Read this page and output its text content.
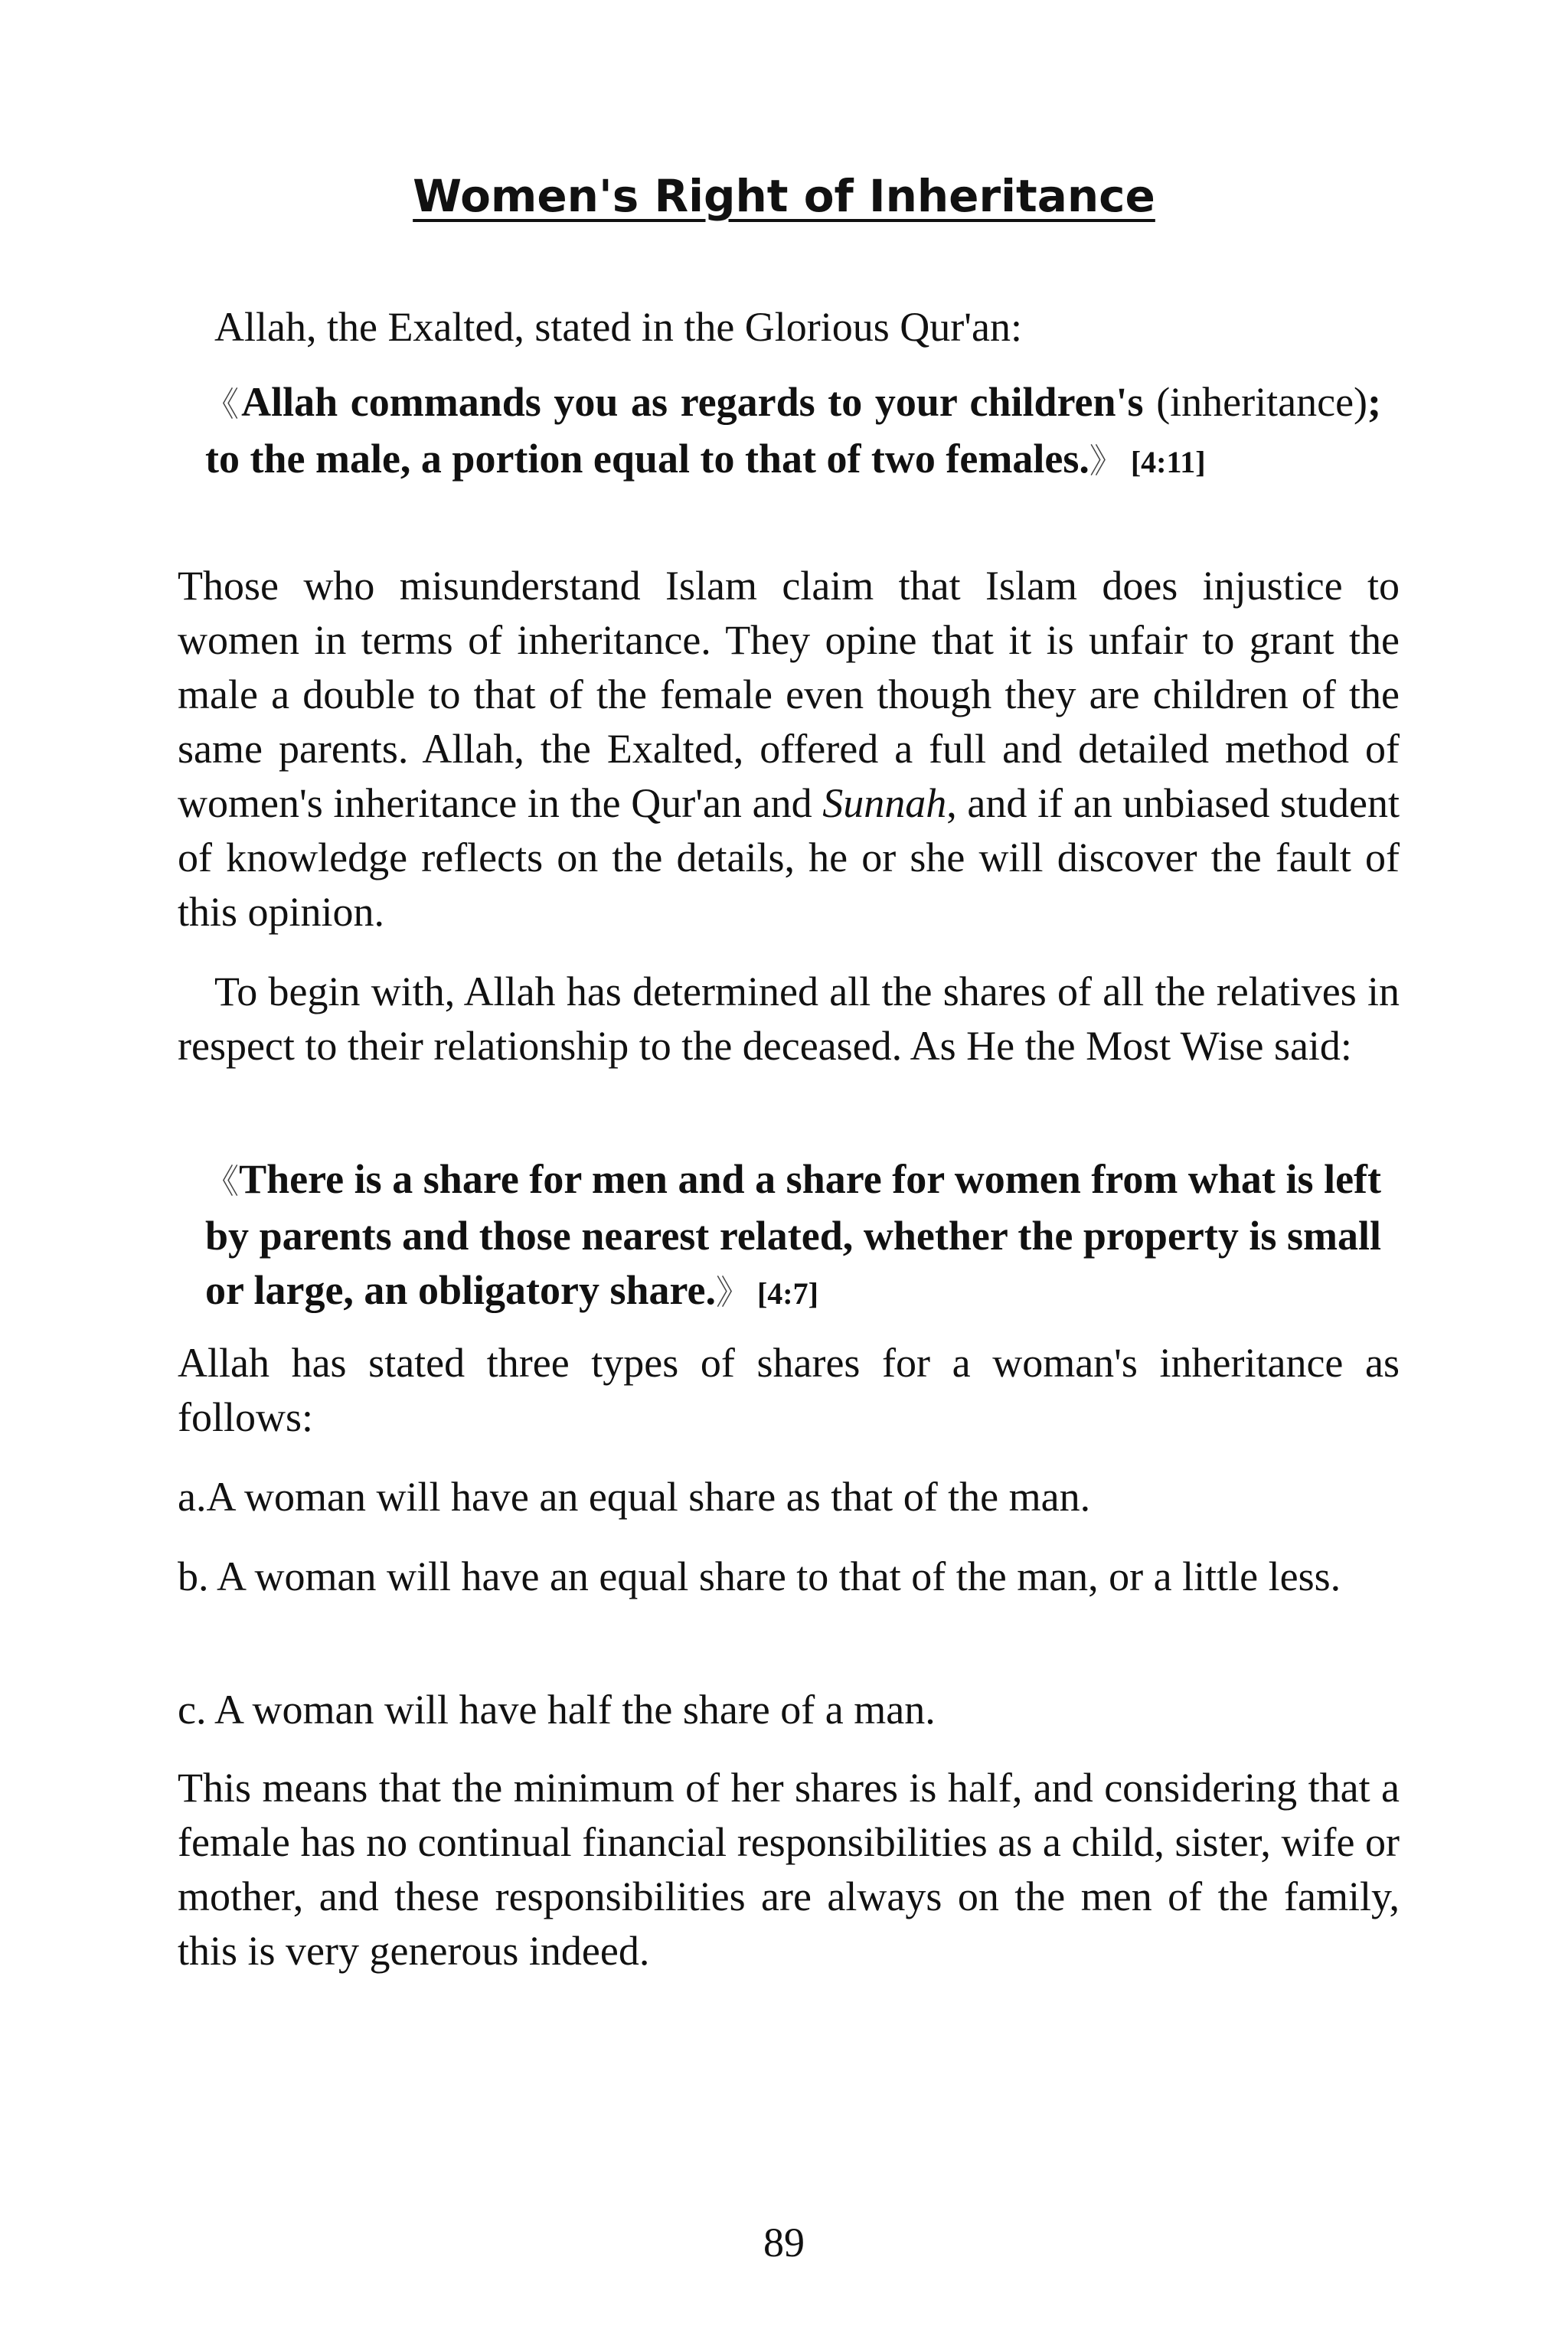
Women's Right of Inheritance

Allah, the Exalted, stated in the Glorious Qur'an:

《Allah commands you as regards to your children's (inheritance); to the male, a portion equal to that of two females.》 [4:11]

Those who misunderstand Islam claim that Islam does injustice to women in terms of inheritance. They opine that it is unfair to grant the male a double to that of the female even though they are children of the same parents. Allah, the Exalted, offered a full and detailed method of women's inheritance in the Qur'an and Sunnah, and if an unbiased student of knowledge reflects on the details, he or she will discover the fault of this opinion.

To begin with, Allah has determined all the shares of all the relatives in respect to their relationship to the deceased. As He the Most Wise said:

《There is a share for men and a share for women from what is left by parents and those nearest related, whether the property is small or large, an obligatory share.》 [4:7]

Allah has stated three types of shares for a woman's inheritance as follows:

a.A woman will have an equal share as that of the man.

b. A woman will have an equal share to that of the man, or a little less.

c. A woman will have half the share of a man.

This means that the minimum of her shares is half, and considering that a female has no continual financial responsibilities as a child, sister, wife or mother, and these responsibilities are always on the men of the family, this is very generous indeed.

89
